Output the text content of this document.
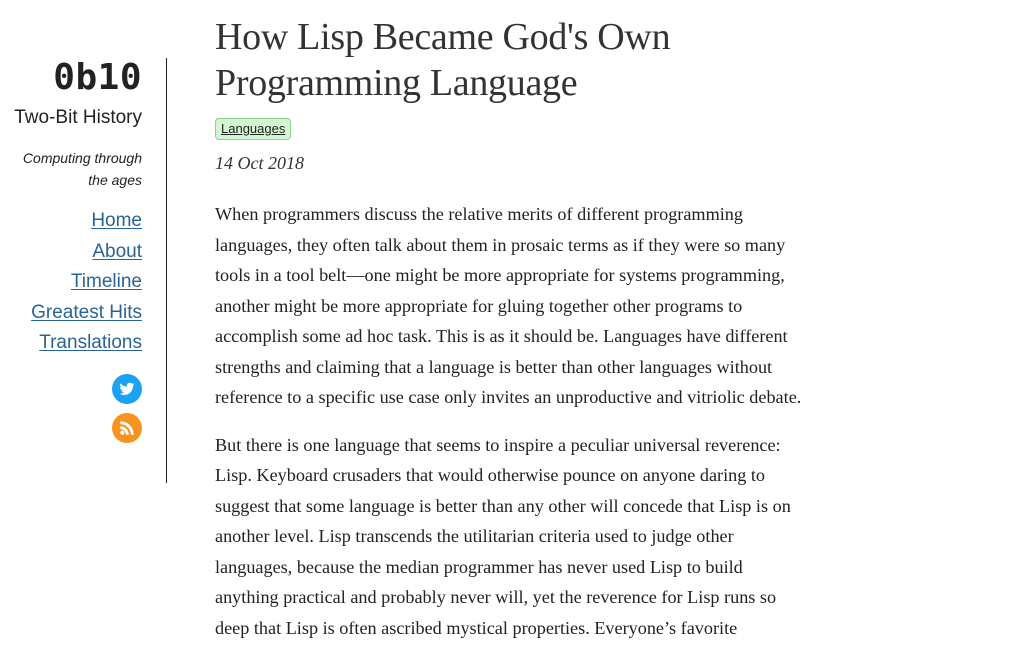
0b10
Two-Bit History
Computing through the ages
Home
About
Timeline
Greatest Hits
Translations
How Lisp Became God's Own Programming Language
Languages
14 Oct 2018

When programmers discuss the relative merits of different programming languages, they often talk about them in prosaic terms as if they were so many tools in a tool belt—one might be more appropriate for systems programming, another might be more appropriate for gluing together other programs to accomplish some ad hoc task. This is as it should be. Languages have different strengths and claiming that a language is better than other languages without reference to a specific use case only invites an unproductive and vitriolic debate.

But there is one language that seems to inspire a peculiar universal reverence: Lisp. Keyboard crusaders that would otherwise pounce on anyone daring to suggest that some language is better than any other will concede that Lisp is on another level. Lisp transcends the utilitarian criteria used to judge other languages, because the median programmer has never used Lisp to build anything practical and probably never will, yet the reverence for Lisp runs so deep that Lisp is often ascribed mystical properties. Everyone’s favorite
